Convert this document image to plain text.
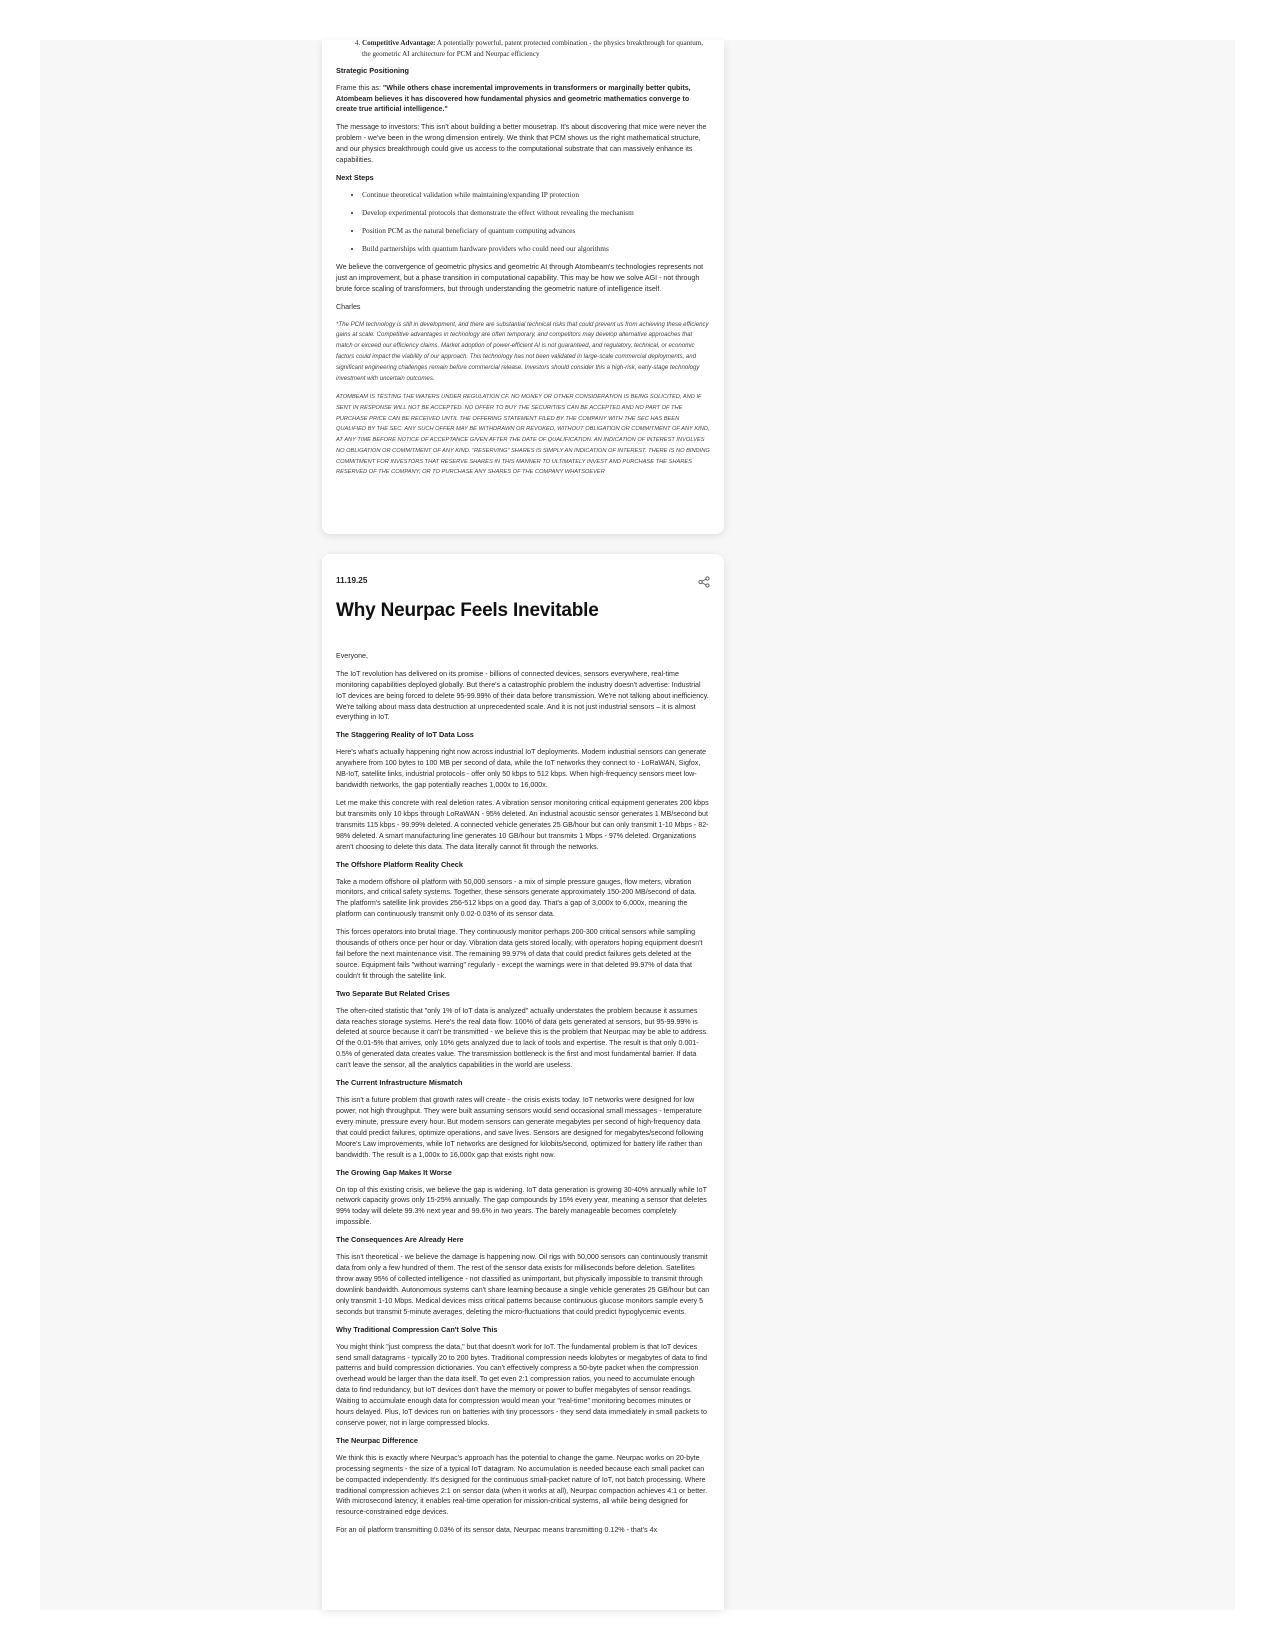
4. Competitive Advantage: A potentially powerful, patent protected combination - the physics breakthrough for quantum, the geometric AI architecture for PCM and Neurpac efficiency
Strategic Positioning

Frame this as: "While others chase incremental improvements in transformers or marginally better qubits, Atombeam believes it has discovered how fundamental physics and geometric mathematics converge to create true artificial intelligence."

The message to investors: This isn't about building a better mousetrap. It's about discovering that mice were never the problem - we've been in the wrong dimension entirely. We think that PCM shows us the right mathematical structure, and our physics breakthrough could give us access to the computational substrate that can massively enhance its capabilities.

Next Steps
• Continue theoretical validation while maintaining/expanding IP protection
• Develop experimental protocols that demonstrate the effect without revealing the mechanism
• Position PCM as the natural beneficiary of quantum computing advances
• Build partnerships with quantum hardware providers who could need our algorithms

We believe the convergence of geometric physics and geometric AI through Atombeam's technologies represents not just an improvement, but a phase transition in computational capability. This may be how we solve AGI - not through brute force scaling of transformers, but through understanding the geometric nature of intelligence itself.

Charles

*The PCM technology is still in development, and there are substantial technical risks that could prevent us from achieving these efficiency gains at scale. Competitive advantages in technology are often temporary, and competitors may develop alternative approaches that match or exceed our efficiency claims. Market adoption of power-efficient AI is not guaranteed, and regulatory, technical, or economic factors could impact the viability of our approach. This technology has not been validated in large-scale commercial deployments, and significant engineering challenges remain before commercial release. Investors should consider this a high-risk, early-stage technology investment with uncertain outcomes.

ATOMBEAM IS TESTING THE WATERS UNDER REGULATION CF. NO MONEY OR OTHER CONSIDERATION IS BEING SOLICITED, AND IF SENT IN RESPONSE WILL NOT BE ACCEPTED. NO OFFER TO BUY THE SECURITIES CAN BE ACCEPTED AND NO PART OF THE PURCHASE PRICE CAN BE RECEIVED UNTIL THE OFFERING STATEMENT FILED BY THE COMPANY WITH THE SEC HAS BEEN QUALIFIED BY THE SEC. ANY SUCH OFFER MAY BE WITHDRAWN OR REVOKED, WITHOUT OBLIGATION OR COMMITMENT OF ANY KIND, AT ANY TIME BEFORE NOTICE OF ACCEPTANCE GIVEN AFTER THE DATE OF QUALIFICATION. AN INDICATION OF INTEREST INVOLVES NO OBLIGATION OR COMMITMENT OF ANY KIND. "RESERVING" SHARES IS SIMPLY AN INDICATION OF INTEREST. THERE IS NO BINDING COMMITMENT FOR INVESTORS THAT RESERVE SHARES IN THIS MANNER TO ULTIMATELY INVEST AND PURCHASE THE SHARES RESERVED OF THE COMPANY, OR TO PURCHASE ANY SHARES OF THE COMPANY WHATSOEVER

11.19.25

Why Neurpac Feels Inevitable

Everyone,

The IoT revolution has delivered on its promise - billions of connected devices, sensors everywhere, real-time monitoring capabilities deployed globally. But there's a catastrophic problem the industry doesn't advertise: Industrial IoT devices are being forced to delete 95-99.99% of their data before transmission. We're not talking about inefficiency. We're talking about mass data destruction at unprecedented scale. And it is not just industrial sensors – it is almost everything in IoT.

The Staggering Reality of IoT Data Loss

Here's what's actually happening right now across industrial IoT deployments. Modern industrial sensors can generate anywhere from 100 bytes to 100 MB per second of data, while the IoT networks they connect to - LoRaWAN, Sigfox, NB-IoT, satellite links, industrial protocols - offer only 50 kbps to 512 kbps. When high-frequency sensors meet low-bandwidth networks, the gap potentially reaches 1,000x to 16,000x.

Let me make this concrete with real deletion rates. A vibration sensor monitoring critical equipment generates 200 kbps but transmits only 10 kbps through LoRaWAN - 95% deleted. An industrial acoustic sensor generates 1 MB/second but transmits 115 kbps - 99.99% deleted. A connected vehicle generates 25 GB/hour but can only transmit 1-10 Mbps - 82-98% deleted. A smart manufacturing line generates 10 GB/hour but transmits 1 Mbps - 97% deleted. Organizations aren't choosing to delete this data. The data literally cannot fit through the networks.

The Offshore Platform Reality Check

Take a modern offshore oil platform with 50,000 sensors - a mix of simple pressure gauges, flow meters, vibration monitors, and critical safety systems. Together, these sensors generate approximately 150-200 MB/second of data. The platform's satellite link provides 256-512 kbps on a good day. That's a gap of 3,000x to 6,000x, meaning the platform can continuously transmit only 0.02-0.03% of its sensor data.

This forces operators into brutal triage. They continuously monitor perhaps 200-300 critical sensors while sampling thousands of others once per hour or day. Vibration data gets stored locally, with operators hoping equipment doesn't fail before the next maintenance visit. The remaining 99.97% of data that could predict failures gets deleted at the source. Equipment fails "without warning" regularly - except the warnings were in that deleted 99.97% of data that couldn't fit through the satellite link.

Two Separate But Related Crises

The often-cited statistic that "only 1% of IoT data is analyzed" actually understates the problem because it assumes data reaches storage systems. Here's the real data flow: 100% of data gets generated at sensors, but 95-99.99% is deleted at source because it can't be transmitted - we believe this is the problem that Neurpac may be able to address. Of the 0.01-5% that arrives, only 10% gets analyzed due to lack of tools and expertise. The result is that only 0.001-0.5% of generated data creates value. The transmission bottleneck is the first and most fundamental barrier. If data can't leave the sensor, all the analytics capabilities in the world are useless.

The Current Infrastructure Mismatch

This isn't a future problem that growth rates will create - the crisis exists today. IoT networks were designed for low power, not high throughput. They were built assuming sensors would send occasional small messages - temperature every minute, pressure every hour. But modern sensors can generate megabytes per second of high-frequency data that could predict failures, optimize operations, and save lives. Sensors are designed for megabytes/second following Moore's Law improvements, while IoT networks are designed for kilobits/second, optimized for battery life rather than bandwidth. The result is a 1,000x to 16,000x gap that exists right now.

The Growing Gap Makes It Worse

On top of this existing crisis, we believe the gap is widening. IoT data generation is growing 30-40% annually while IoT network capacity grows only 15-25% annually. The gap compounds by 15% every year, meaning a sensor that deletes 99% today will delete 99.3% next year and 99.6% in two years. The barely manageable becomes completely impossible.

The Consequences Are Already Here

This isn't theoretical - we believe the damage is happening now. Oil rigs with 50,000 sensors can continuously transmit data from only a few hundred of them. The rest of the sensor data exists for milliseconds before deletion. Satellites throw away 95% of collected intelligence - not classified as unimportant, but physically impossible to transmit through downlink bandwidth. Autonomous systems can't share learning because a single vehicle generates 25 GB/hour but can only transmit 1-10 Mbps. Medical devices miss critical patterns because continuous glucose monitors sample every 5 seconds but transmit 5-minute averages, deleting the micro-fluctuations that could predict hypoglycemic events.

Why Traditional Compression Can't Solve This

You might think "just compress the data," but that doesn't work for IoT. The fundamental problem is that IoT devices send small datagrams - typically 20 to 200 bytes. Traditional compression needs kilobytes or megabytes of data to find patterns and build compression dictionaries. You can't effectively compress a 50-byte packet when the compression overhead would be larger than the data itself. To get even 2:1 compression ratios, you need to accumulate enough data to find redundancy, but IoT devices don't have the memory or power to buffer megabytes of sensor readings. Waiting to accumulate enough data for compression would mean your "real-time" monitoring becomes minutes or hours delayed. Plus, IoT devices run on batteries with tiny processors - they send data immediately in small packets to conserve power, not in large compressed blocks.

The Neurpac Difference

We think this is exactly where Neurpac's approach has the potential to change the game. Neurpac works on 20-byte processing segments - the size of a typical IoT datagram. No accumulation is needed because each small packet can be compacted independently. It's designed for the continuous small-packet nature of IoT, not batch processing. Where traditional compression achieves 2:1 on sensor data (when it works at all), Neurpac compaction achieves 4:1 or better. With microsecond latency, it enables real-time operation for mission-critical systems, all while being designed for resource-constrained edge devices.

For an oil platform transmitting 0.03% of its sensor data, Neurpac means transmitting 0.12% - that's 4x
